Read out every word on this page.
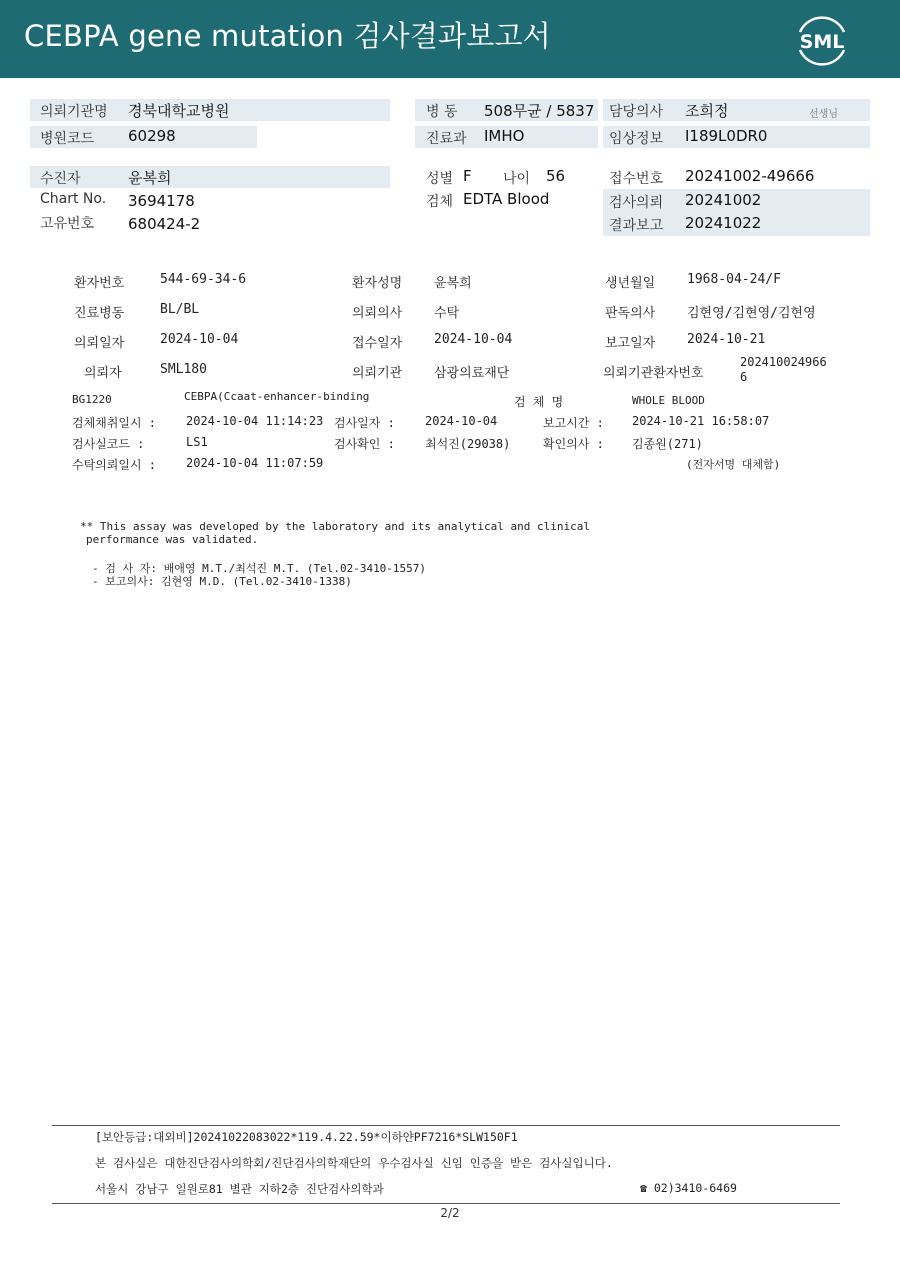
CEBPA gene mutation 검사결과보고서	SML
의뢰기관명 경북대학교병원
병원코드 60298
병 동 508무균 / 5837
진료과 IMHO
담당의사 조희정	선생님
임상정보 I189L0DR0
수진자	윤복희
Chart No. 3694178
고유번호 680424-2
성별 F 나이 56
검체 EDTA Blood
접수번호 20241002-49666
검사의뢰 20241002
결과보고 20241022
환자번호	544-69-34-6	환자성명 윤복희	생년월일 1968-04-24/F
진료병동	BL/BL	의뢰의사 수탁	판독의사 김현영/김현영/김현영
의뢰일자	2024-10-04	접수일자 2024-10-04	보고일자 2024-10-21
의뢰자	SML180	의뢰기관 삼광의료재단	의뢰기관환자번호
202410024966
6
BG1220	CEBPA(Ccaat-enhancer-binding	검 체 명	WHOLE BLOOD
검체채취일시 : 2024-10-04 11:14:23 검사일자 :	2024-10-04	보고시간 : 2024-10-21 16:58:07
검사실코드 :	LS1	검사확인 :	최석진(29038)	확인의사 : 김종원(271)
수탁의뢰일시 : 2024-10-04 11:07:59	(전자서명 대체함)
** This assay was developed by the laboratory and its analytical and clinical
performance was validated.
- 검 사 자: 배애영 M.T./최석진 M.T. (Tel.02-3410-1557)
- 보고의사: 김현영 M.D. (Tel.02-3410-1338)
[보안등급:대외비]20241022083022*119.4.22.59*이하얀PF7216*SLW150F1
본 검사실은 대한진단검사의학회/진단검사의학재단의 우수검사실 신임 인증을 받은 검사실입니다.
서울시 강남구 일원로81 별관 지하2층 진단검사의학과	☎ 02)3410-6469
2/2
